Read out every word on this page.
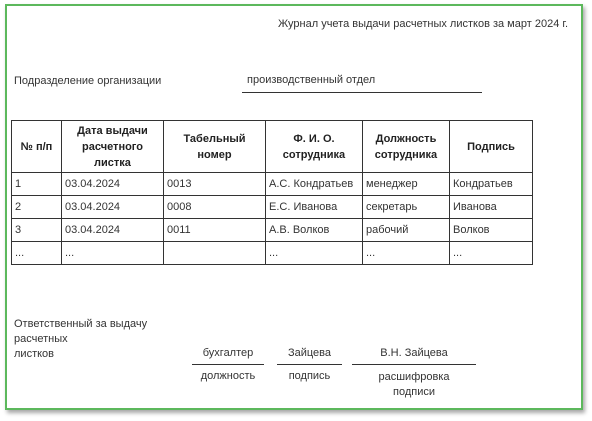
Журнал учета выдачи расчетных листков за март 2024 г.
Подразделение организации	производственный отдел
№ п/п	Дата выдачи расчетного листка	Табельный номер	Ф. И. О. сотрудника	Должность сотрудника	Подпись
1	03.04.2024	0013	А.С. Кондратьев	менеджер	Кондратьев
2	03.04.2024	0008	Е.С. Иванова	секретарь	Иванова
3	03.04.2024	0011	А.В. Волков	рабочий	Волков
...	...		...	...	...
Ответственный за выдачу
расчетных
листков	бухгалтер	Зайцева	В.Н. Зайцева
должность	подпись	расшифровка
подписи
